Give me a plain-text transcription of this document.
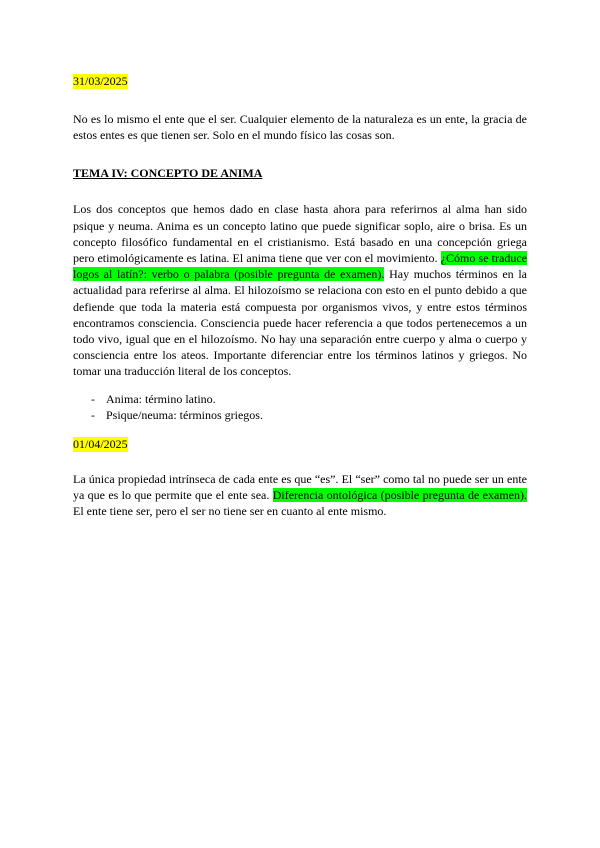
31/03/2025

No es lo mismo el ente que el ser. Cualquier elemento de la naturaleza es un ente, la gracia de estos entes es que tienen ser. Solo en el mundo físico las cosas son.

TEMA IV: CONCEPTO DE ANIMA

Los dos conceptos que hemos dado en clase hasta ahora para referirnos al alma han sido psique y neuma. Anima es un concepto latino que puede significar soplo, aire o brisa. Es un concepto filosófico fundamental en el cristianismo. Está basado en una concepción griega pero etimológicamente es latina. El anima tiene que ver con el movimiento. ¿Cómo se traduce logos al latín?: verbo o palabra (posible pregunta de examen). Hay muchos términos en la actualidad para referirse al alma. El hilozoísmo se relaciona con esto en el punto debido a que defiende que toda la materia está compuesta por organismos vivos, y entre estos términos encontramos consciencia. Consciencia puede hacer referencia a que todos pertenecemos a un todo vivo, igual que en el hilozoísmo. No hay una separación entre cuerpo y alma o cuerpo y consciencia entre los ateos. Importante diferenciar entre los términos latinos y griegos. No tomar una traducción literal de los conceptos.

- Anima: término latino.
- Psique/neuma: términos griegos.
01/04/2025

La única propiedad intrínseca de cada ente es que “es”. El “ser” como tal no puede ser un ente ya que es lo que permite que el ente sea. Diferencia ontológica (posible pregunta de examen). El ente tiene ser, pero el ser no tiene ser en cuanto al ente mismo.
